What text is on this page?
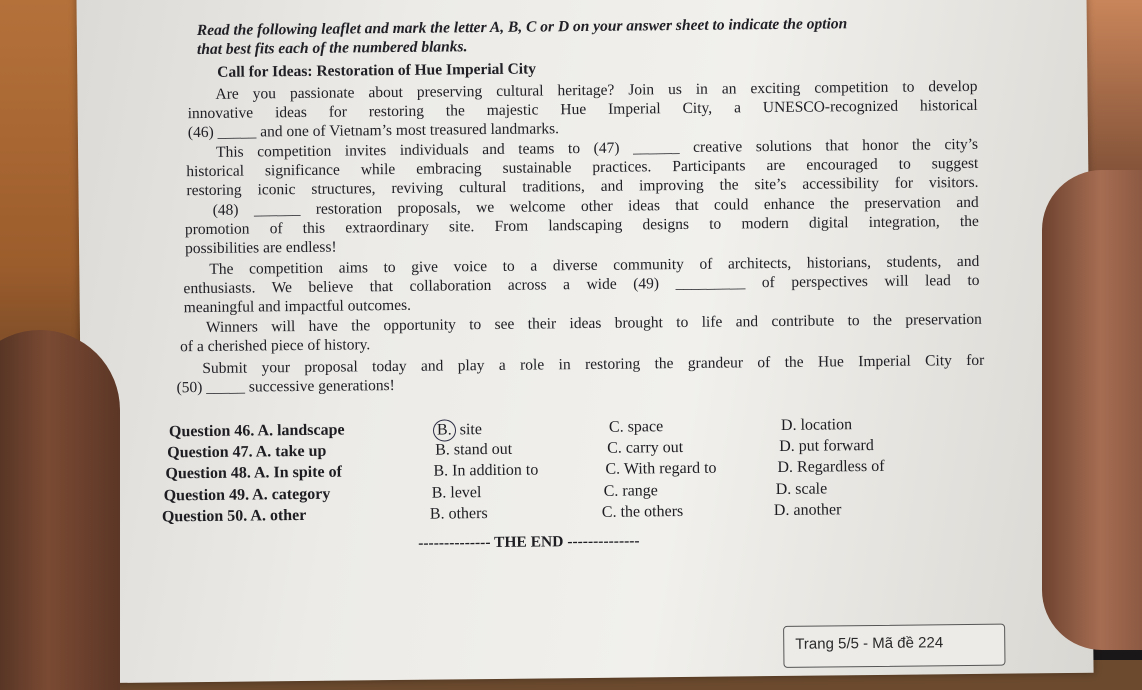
Read the following leaflet and mark the letter A, B, C or D on your answer sheet to indicate the option
that best fits each of the numbered blanks.
Call for Ideas: Restoration of Hue Imperial City
Are you passionate about preserving cultural heritage? Join us in an exciting competition to develop
innovative ideas for restoring the majestic Hue Imperial City, a UNESCO-recognized historical
(46) _____ and one of Vietnam’s most treasured landmarks.
This competition invites individuals and teams to (47) ______ creative solutions that honor the city’s
historical significance while embracing sustainable practices. Participants are encouraged to suggest
restoring iconic structures, reviving cultural traditions, and improving the site’s accessibility for visitors.
(48) ______ restoration proposals, we welcome other ideas that could enhance the preservation and
promotion of this extraordinary site. From landscaping designs to modern digital integration, the
possibilities are endless!
The competition aims to give voice to a diverse community of architects, historians, students, and
enthusiasts. We believe that collaboration across a wide (49) _________ of perspectives will lead to
meaningful and impactful outcomes.
Winners will have the opportunity to see their ideas brought to life and contribute to the preservation
of a cherished piece of history.
Submit your proposal today and play a role in restoring the grandeur of the Hue Imperial City for
(50) _____ successive generations!
Question 46. A. landscape	B. site	C. space	D. location
Question 47. A. take up	B. stand out	C. carry out	D. put forward
Question 48. A. In spite of	B. In addition to	C. With regard to	D. Regardless of
Question 49. A. category	B. level	C. range	D. scale
Question 50. A. other	B. others	C. the others	D. another
-------------- THE END --------------
Trang 5/5 - Mã đề 224
